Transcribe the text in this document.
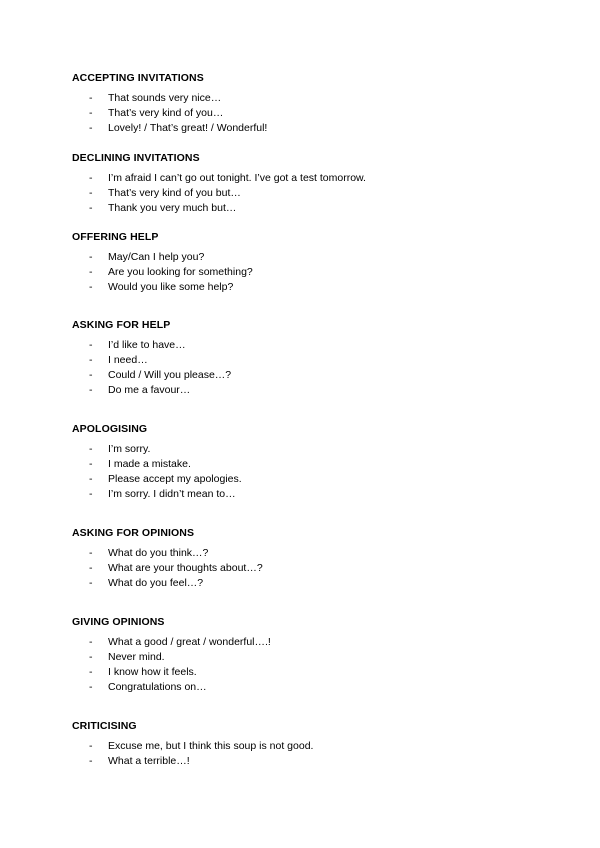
ACCEPTING INVITATIONS
-	That sounds very nice…
-	That’s very kind of you…
-	Lovely! / That’s great! / Wonderful!
DECLINING INVITATIONS
-	I’m afraid I can’t go out tonight. I’ve got a test tomorrow.
-	That’s very kind of you but…
-	Thank you very much but…
OFFERING HELP
-	May/Can I help you?
-	Are you looking for something?
-	Would you like some help?
ASKING FOR HELP
-	I’d like to have…
-	I need…
-	Could / Will you please…?
-	Do me a favour…
APOLOGISING
-	I’m sorry.
-	I made a mistake.
-	Please accept my apologies.
-	I’m sorry. I didn’t mean to…
ASKING FOR OPINIONS
-	What do you think…?
-	What are your thoughts about…?
-	What do you feel…?
GIVING OPINIONS
-	What a good / great / wonderful….!
-	Never mind.
-	I know how it feels.
-	Congratulations on…
CRITICISING
-	Excuse me, but I think this soup is not good.
-	What a terrible…!
